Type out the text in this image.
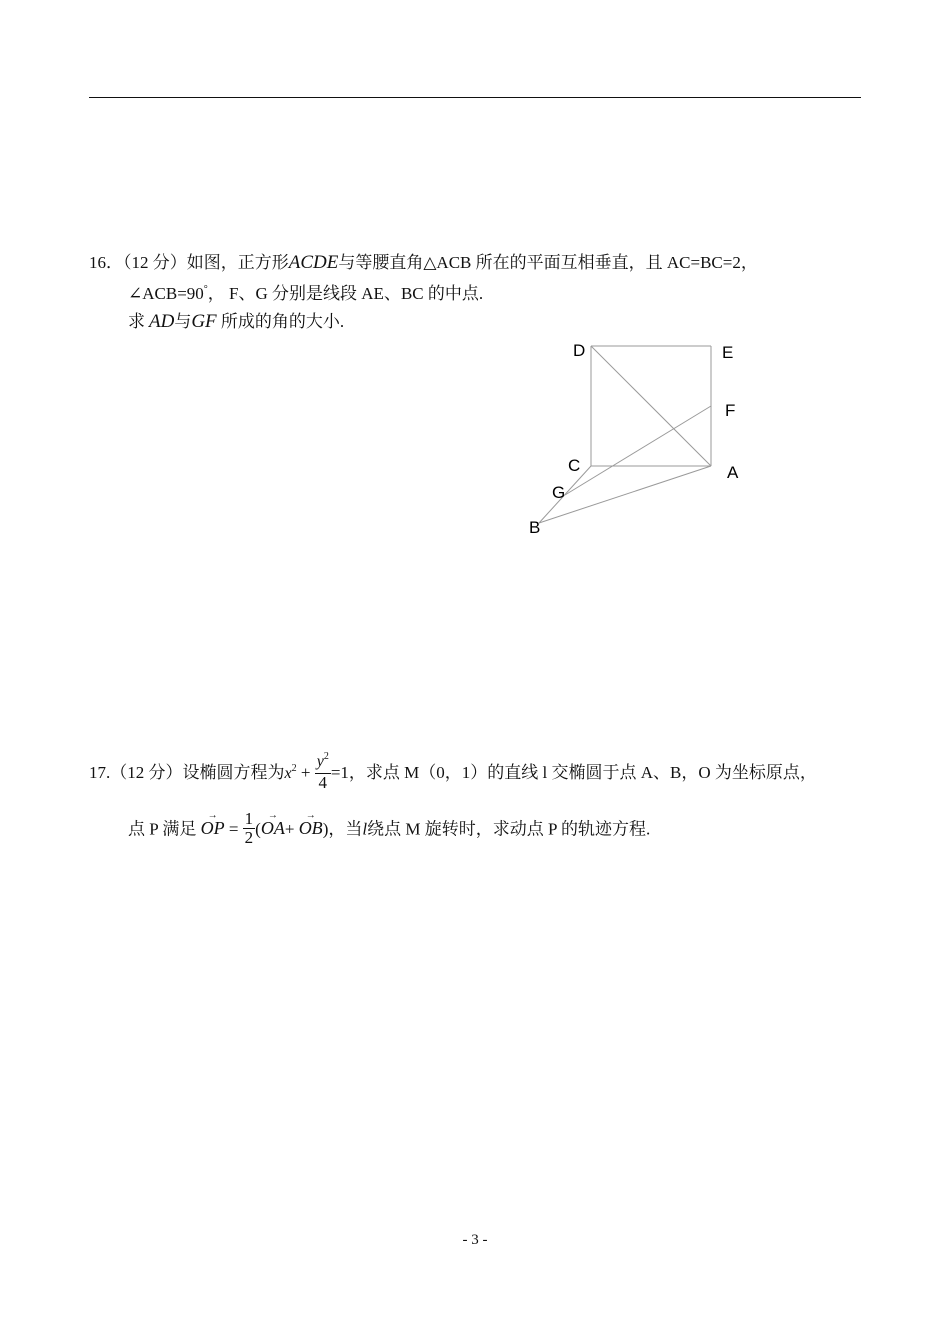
16．（12 分）如图，正方形ACDE与等腰直角△ACB 所在的平面互相垂直，且 AC=BC=2，
∠ACB=90°， F、G 分别是线段 AE、BC 的中点.
求 AD与GF 所成的角的大小.
D	E
F
C	A
G
B
17.（12 分）设椭圆方程为$x^2 + \frac{y^2}{4} =1$，求点 M（0，1）的直线 l 交椭圆于点 A、B，O 为坐标原点，
点 P 满足
→
OP = $\frac{1}{2}$ (
→
OA+
→
OB)，当l绕点 M 旋转时，求动点 P 的轨迹方程.
- 3 -
